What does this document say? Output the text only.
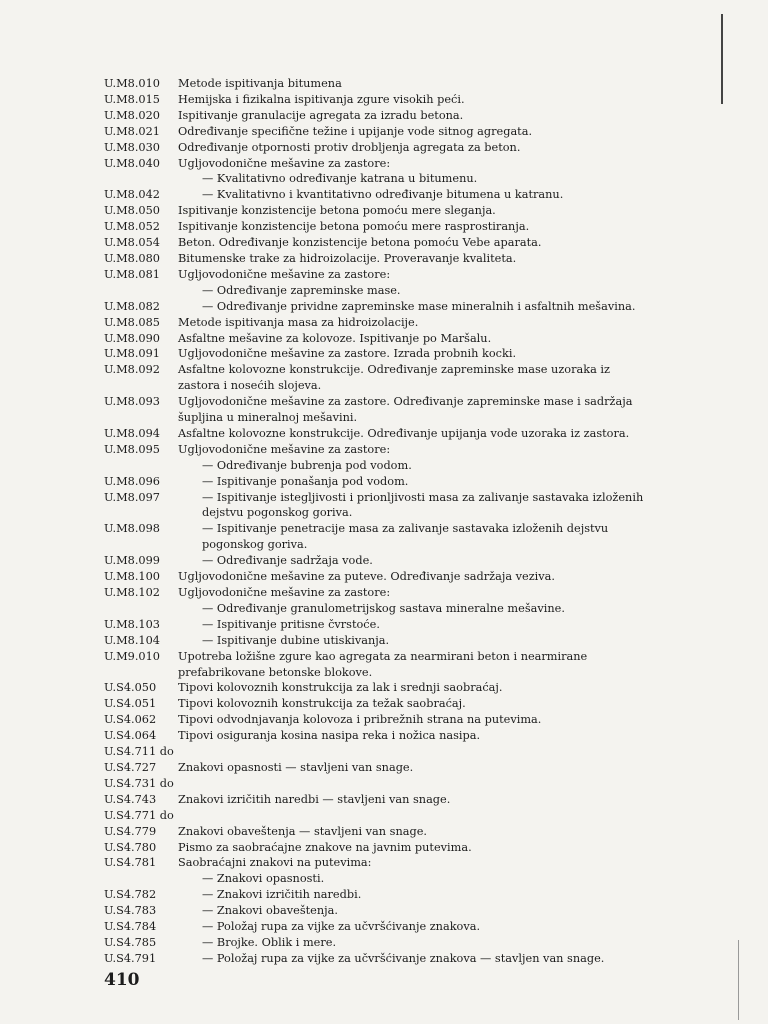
U.M8.010	Metode ispitivanja bitumena
U.M8.015	Hemijska i fizikalna ispitivanja zgure visokih peći.
U.M8.020	Ispitivanje granulacije agregata za izradu betona.
U.M8.021	Određivanje specifične težine i upijanje vode sitnog agregata.
U.M8.030	Određivanje otpornosti protiv drobljenja agregata za beton.
U.M8.040	Ugljovodonične mešavine za zastore:
— Kvalitativno određivanje katrana u bitumenu.
U.M8.042	— Kvalitativno i kvantitativno određivanje bitumena u katranu.
U.M8.050	Ispitivanje konzistencije betona pomoću mere sleganja.
U.M8.052	Ispitivanje konzistencije betona pomoću mere rasprostiranja.
U.M8.054	Beton. Određivanje konzistencije betona pomoću Vebe aparata.
U.M8.080	Bitumenske trake za hidroizolacije. Proveravanje kvaliteta.
U.M8.081	Ugljovodonične mešavine za zastore:
— Određivanje zapreminske mase.
U.M8.082	— Određivanje prividne zapreminske mase mineralnih i asfaltnih mešavina.
U.M8.085	Metode ispitivanja masa za hidroizolacije.
U.M8.090	Asfaltne mešavine za kolovoze. Ispitivanje po Maršalu.
U.M8.091	Ugljovodonične mešavine za zastore. Izrada probnih kocki.
U.M8.092	Asfaltne kolovozne konstrukcije. Određivanje zapreminske mase uzoraka iz zastora i nosećih slojeva.
U.M8.093	Ugljovodonične mešavine za zastore. Određivanje zapreminske mase i sadržaja šupljina u mineralnoj mešavini.
U.M8.094	Asfaltne kolovozne konstrukcije. Određivanje upijanja vode uzoraka iz zastora.
U.M8.095	Ugljovodonične mešavine za zastore:
— Određivanje bubrenja pod vodom.
U.M8.096	— Ispitivanje ponašanja pod vodom.
U.M8.097	— Ispitivanje istegljivosti i prionljivosti masa za zalivanje sastavaka izloženih dejstvu pogonskog goriva.
U.M8.098	— Ispitivanje penetracije masa za zalivanje sastavaka izloženih dejstvu pogonskog goriva.
U.M8.099	— Određivanje sadržaja vode.
U.M8.100	Ugljovodonične mešavine za puteve. Određivanje sadržaja veziva.
U.M8.102	Ugljovodonične mešavine za zastore:
— Određivanje granulometrijskog sastava mineralne mešavine.
U.M8.103	— Ispitivanje pritisne čvrstoće.
U.M8.104	— Ispitivanje dubine utiskivanja.
U.M9.010	Upotreba ložišne zgure kao agregata za nearmirani beton i nearmirane prefabrikovane betonske blokove.
U.S4.050	Tipovi kolovoznih konstrukcija za lak i srednji saobraćaj.
U.S4.051	Tipovi kolovoznih konstrukcija za težak saobraćaj.
U.S4.062	Tipovi odvodnjavanja kolovoza i pribrežnih strana na putevima.
U.S4.064	Tipovi osiguranja kosina nasipa reka i nožica nasipa.
U.S4.711 do
U.S4.727	Znakovi opasnosti — stavljeni van snage.
U.S4.731 do
U.S4.743	Znakovi izričitih naredbi — stavljeni van snage.
U.S4.771 do
U.S4.779	Znakovi obaveštenja — stavljeni van snage.
U.S4.780	Pismo za saobraćajne znakove na javnim putevima.
U.S4.781	Saobraćajni znakovi na putevima:
— Znakovi opasnosti.
U.S4.782	— Znakovi izričitih naredbi.
U.S4.783	— Znakovi obaveštenja.
U.S4.784	— Položaj rupa za vijke za učvršćivanje znakova.
U.S4.785	— Brojke. Oblik i mere.
U.S4.791	— Položaj rupa za vijke za učvršćivanje znakova — stavljen van snage.
410
